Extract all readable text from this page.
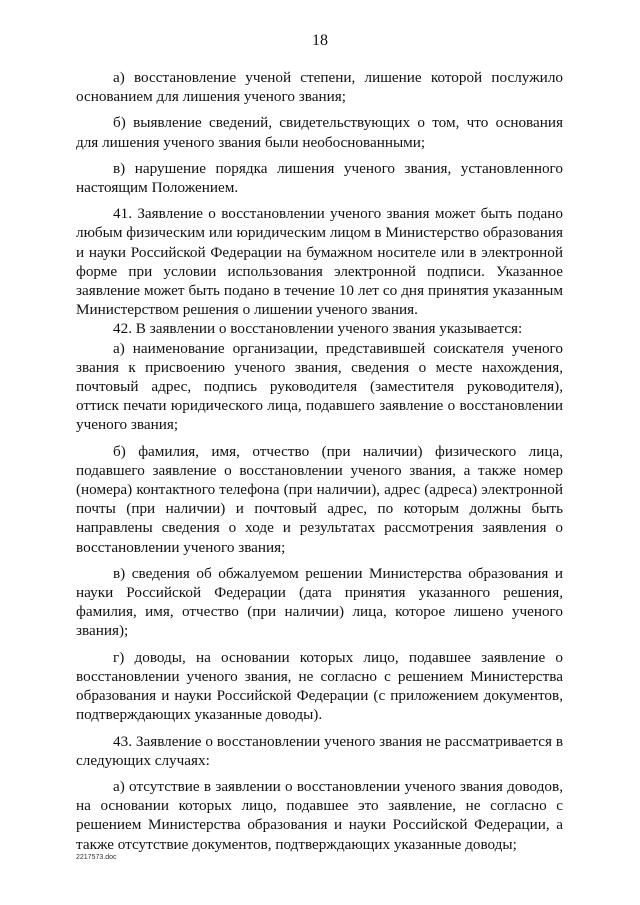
18

а) восстановление ученой степени, лишение которой послужило основанием для лишения ученого звания;

б) выявление сведений, свидетельствующих о том, что основания для лишения ученого звания были необоснованными;

в) нарушение порядка лишения ученого звания, установленного настоящим Положением.

41. Заявление о восстановлении ученого звания может быть подано любым физическим или юридическим лицом в Министерство образования и науки Российской Федерации на бумажном носителе или в электронной форме при условии использования электронной подписи. Указанное заявление может быть подано в течение 10 лет со дня принятия указанным Министерством решения о лишении ученого звания.

42. В заявлении о восстановлении ученого звания указывается:

а) наименование организации, представившей соискателя ученого звания к присвоению ученого звания, сведения о месте нахождения, почтовый адрес, подпись руководителя (заместителя руководителя), оттиск печати юридического лица, подавшего заявление о восстановлении ученого звания;

б) фамилия, имя, отчество (при наличии) физического лица, подавшего заявление о восстановлении ученого звания, а также номер (номера) контактного телефона (при наличии), адрес (адреса) электронной почты (при наличии) и почтовый адрес, по которым должны быть направлены сведения о ходе и результатах рассмотрения заявления о восстановлении ученого звания;

в) сведения об обжалуемом решении Министерства образования и науки Российской Федерации (дата принятия указанного решения, фамилия, имя, отчество (при наличии) лица, которое лишено ученого звания);

г) доводы, на основании которых лицо, подавшее заявление о восстановлении ученого звания, не согласно с решением Министерства образования и науки Российской Федерации (с приложением документов, подтверждающих указанные доводы).

43. Заявление о восстановлении ученого звания не рассматривается в следующих случаях:

а) отсутствие в заявлении о восстановлении ученого звания доводов, на основании которых лицо, подавшее это заявление, не согласно с решением Министерства образования и науки Российской Федерации, а также отсутствие документов, подтверждающих указанные доводы;

2217573.doc
